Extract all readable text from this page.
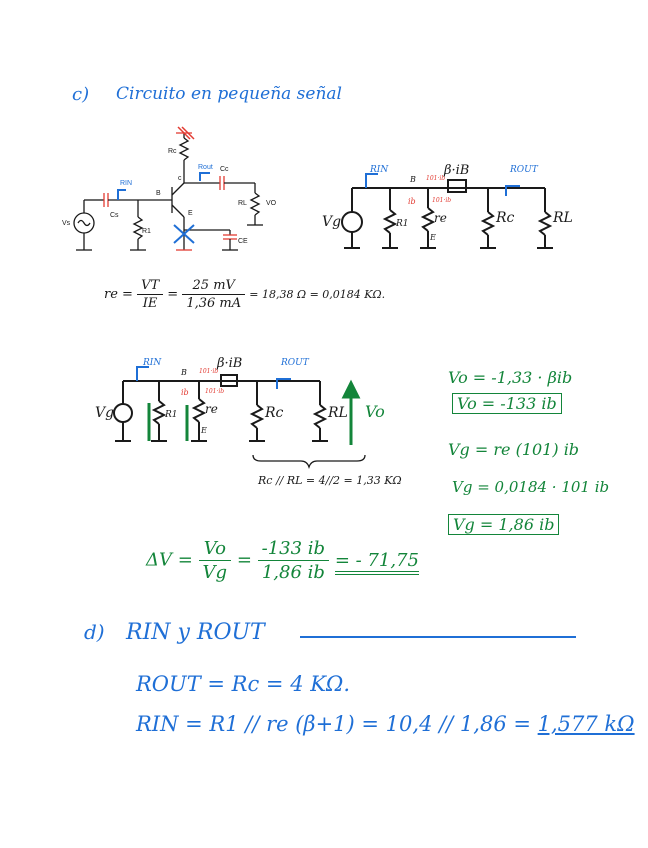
c) Circuito en pequeña señal
Rc
Rout Cc
RIN
Cs
B
c
E
Vs
R1
RL	VO
CE
RIN	ROUT
β·iB
B
Vg	R1 re	Rc	RL
ib
E
101·ib
101·ib
re = $\frac{VT}{IE} = \frac{25 mV}{1,36 mA} = 18,38$ Ω = 0,0184 KΩ.
RIN	ROUT
β·iB
B
Vg	R1 re	Rc	RL Vo
E
ib
101·ib
101·ib
Rc // RL = 4//2 = 1,33 KΩ
Vo = -1,33 · βib
Vo = -133 ib
Vg = re (101) ib
Vg = 0,0184 · 101 ib
Vg = 1,86 ib
$\Delta V = \frac{Vo}{Vg} = \frac{-133 ib}{1,86 ib}$ = - 71,75
d) RIN y ROUT
ROUT = Rc = 4 KΩ.
RIN = R1 // re (β+1) = 10,4 // 1,86 = 1,577 kΩ
